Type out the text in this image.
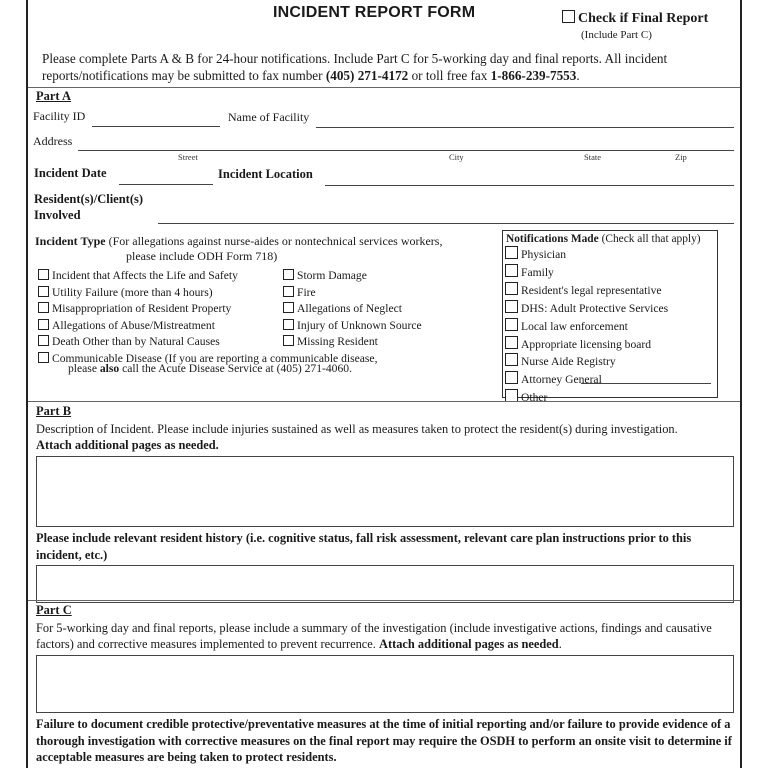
INCIDENT REPORT FORM	Check if Final Report
(Include Part C)
Please complete Parts A & B for 24-hour notifications. Include Part C for 5-working day and final reports. All incident reports/notifications may be submitted to fax number (405) 271-4172 or toll free fax 1-866-239-7553.
Part A
Facility ID	Name of Facility
Address
Street	City	State	Zip
Incident Date	Incident Location
Resident(s)/Client(s)
Involved
Incident Type (For allegations against nurse-aides or nontechnical services workers,
please include ODH Form 718)
Incident that Affects the Life and Safety
Utility Failure (more than 4 hours)
Misappropriation of Resident Property
Allegations of Abuse/Mistreatment
Death Other than by Natural Causes
Communicable Disease (If you are reporting a communicable disease,
please also call the Acute Disease Service at (405) 271-4060.
Storm Damage
Fire
Allegations of Neglect
Injury of Unknown Source
Missing Resident
Notifications Made (Check all that apply)
Physician
Family
Resident's legal representative
DHS: Adult Protective Services
Local law enforcement
Appropriate licensing board
Nurse Aide Registry
Attorney General
Other
Part B
Description of Incident. Please include injuries sustained as well as measures taken to protect the resident(s) during investigation. Attach additional pages as needed.
Please include relevant resident history (i.e. cognitive status, fall risk assessment, relevant care plan instructions prior to this incident, etc.)
Part C
For 5-working day and final reports, please include a summary of the investigation (include investigative actions, findings and causative factors) and corrective measures implemented to prevent recurrence. Attach additional pages as needed.
Failure to document credible protective/preventative measures at the time of initial reporting and/or failure to provide evidence of a thorough investigation with corrective measures on the final report may require the OSDH to perform an onsite visit to determine if acceptable measures are being taken to protect residents.
